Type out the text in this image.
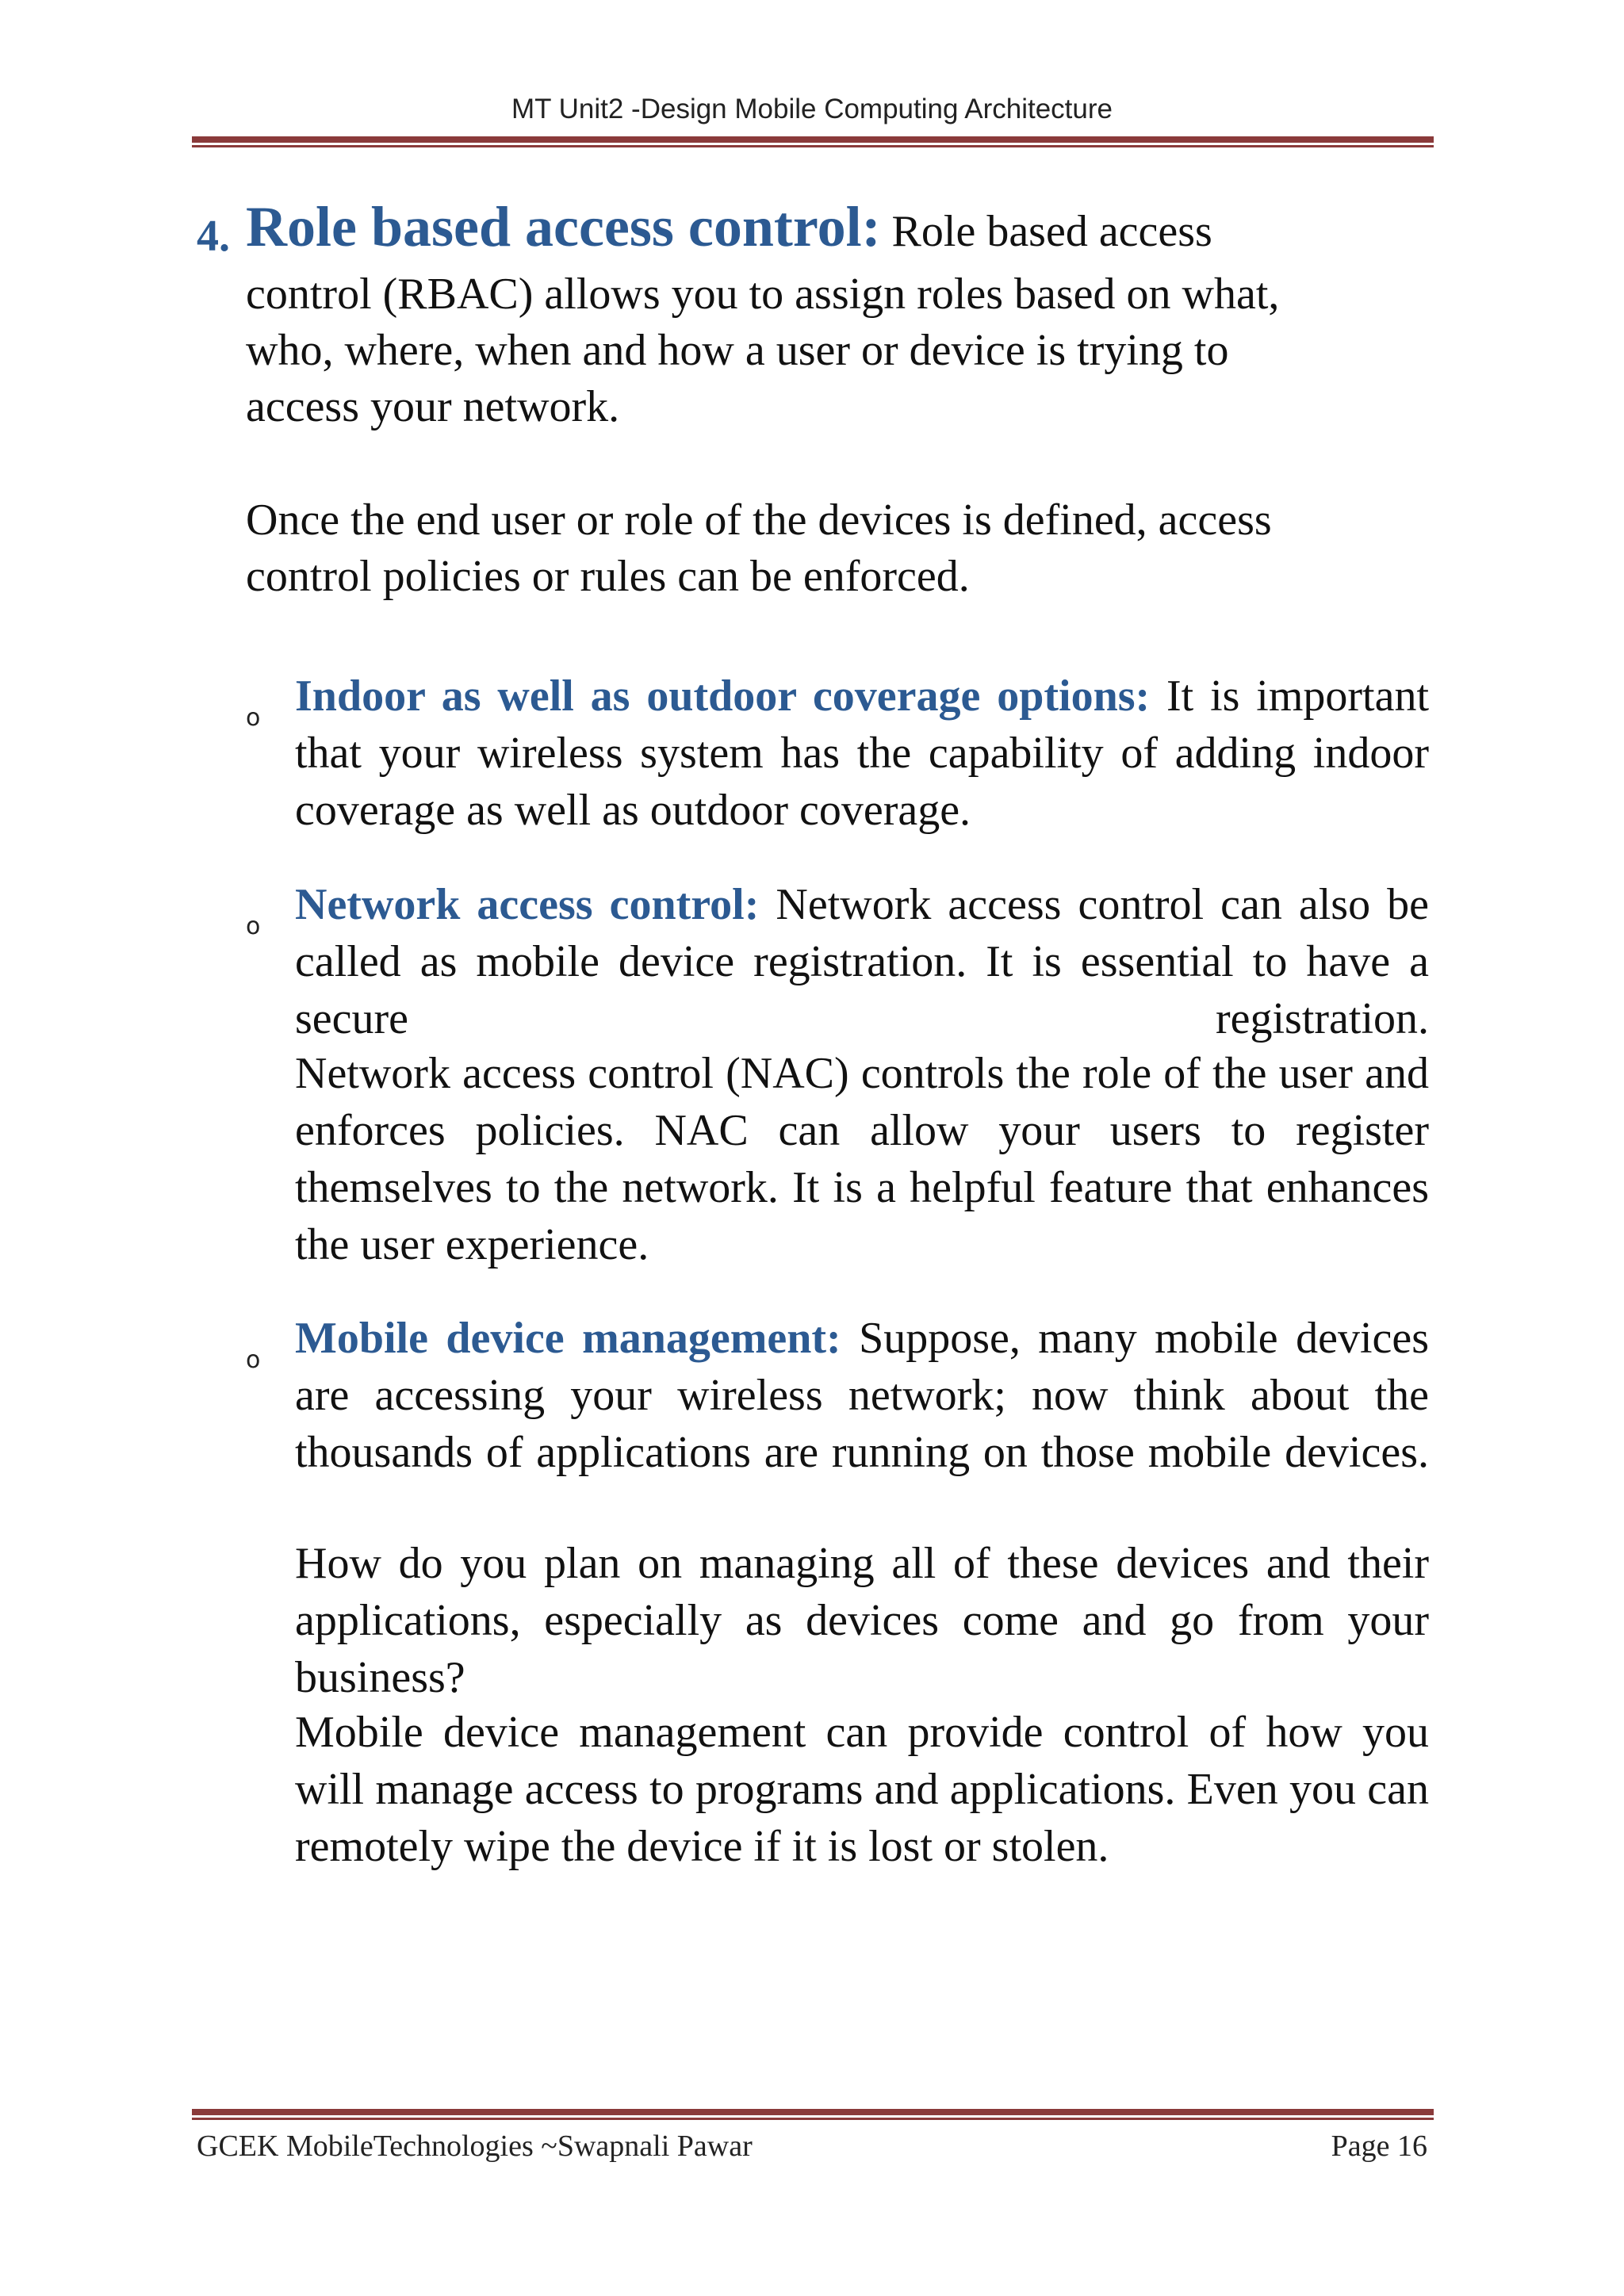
MT Unit2 -Design Mobile Computing Architecture
4. Role based access control: Role based access
control (RBAC) allows you to assign roles based on what,
who, where, when and how a user or device is trying to
access your network.
Once the end user or role of the devices is defined, access
control policies or rules can be enforced.
o Indoor as well as outdoor coverage options: It is important that your wireless system has the capability of adding indoor coverage as well as outdoor coverage.
o Network access control: Network access control can also be called as mobile device registration. It is essential to have a secure registration.
Network access control (NAC) controls the role of the user and enforces policies. NAC can allow your users to register themselves to the network. It is a helpful feature that enhances the user experience.
o Mobile device management: Suppose, many mobile devices are accessing your wireless network; now think about the thousands of applications are running on those mobile devices.
How do you plan on managing all of these devices and their applications, especially as devices come and go from your business?
Mobile device management can provide control of how you will manage access to programs and applications. Even you can remotely wipe the device if it is lost or stolen.
GCEK MobileTechnologies ~Swapnali Pawar	Page 16
